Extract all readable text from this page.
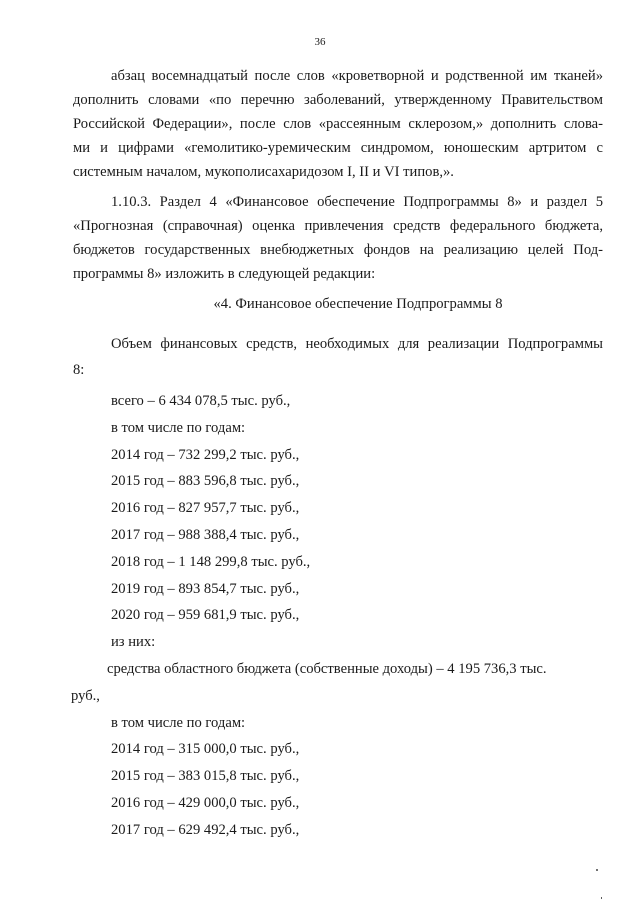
36

абзац восемнадцатый после слов «кроветворной и родственной им тканей»

дополнить словами «по перечню заболеваний, утвержденному Правительством

Российской Федерации», после слов «рассеянным склерозом,» дополнить слова-

ми и цифрами «гемолитико-уремическим синдромом, юношеским артритом с

системным началом, мукополисахаридозом I, II и VI типов,».

1.10.3. Раздел 4 «Финансовое обеспечение Подпрограммы 8» и раздел 5

«Прогнозная (справочная) оценка привлечения средств федерального бюджета,

бюджетов государственных внебюджетных фондов на реализацию целей Под-

программы 8» изложить в следующей редакции:

«4. Финансовое обеспечение Подпрограммы 8

Объем финансовых средств, необходимых для реализации Подпрограммы

8:

всего – 6 434 078,5 тыс. руб.,

в том числе по годам:

2014 год – 732 299,2 тыс. руб.,

2015 год – 883 596,8 тыс. руб.,

2016 год – 827 957,7 тыс. руб.,

2017 год – 988 388,4 тыс. руб.,

2018 год – 1 148 299,8 тыс. руб.,

2019 год – 893 854,7 тыс. руб.,

2020 год – 959 681,9 тыс. руб.,

из них:

средства областного бюджета (собственные доходы) – 4 195 736,3 тыс.

руб.,

в том числе по годам:

2014 год – 315 000,0 тыс. руб.,

2015 год – 383 015,8 тыс. руб.,

2016 год – 429 000,0 тыс. руб.,

2017 год – 629 492,4 тыс. руб.,
